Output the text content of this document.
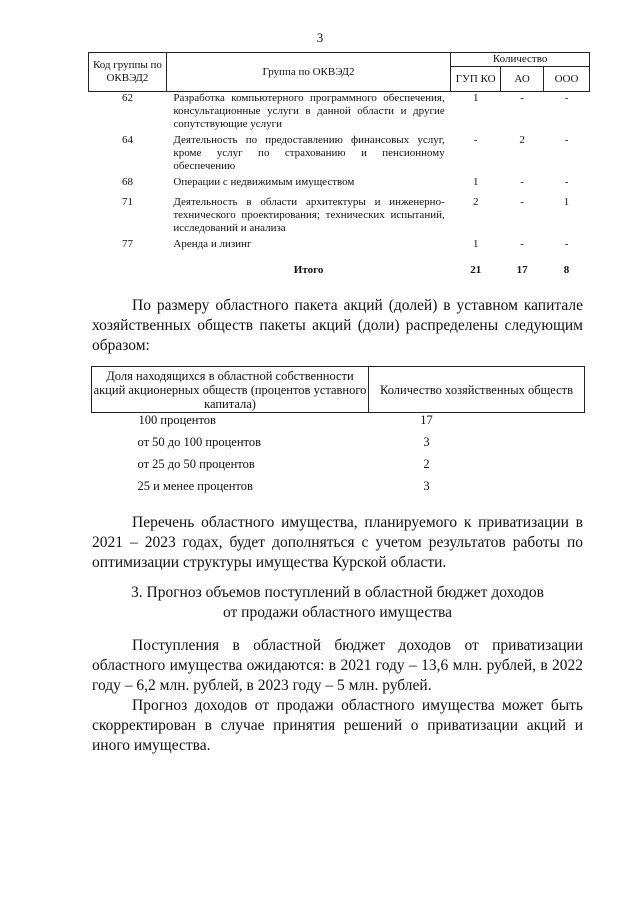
3
Код группы по ОКВЭД2	Группа по ОКВЭД2	Количество		
		ГУП КО	АО	ООО
62	Разработка компьютерного программного обеспечения, консультационные услуги в данной области и другие сопутствующие услуги	1	-	-
64	Деятельность по предоставлению финансовых услуг, кроме услуг по страхованию и пенсионному обеспечению	-	2	-
68	Операции с недвижимым имуществом	1	-	-
71	Деятельность в области архитектуры и инженерно-технического проектирования; технических испытаний, исследований и анализа	2	-	1
77	Аренда и лизинг	1	-	-
	Итого	21	17	8

По размеру областного пакета акций (долей) в уставном капитале хозяйственных обществ пакеты акций (доли) распределены следующим образом:

Доля находящихся в областной собственности акций акционерных обществ (процентов уставного капитала)	Количество хозяйственных обществ
100 процентов	17
от 50 до 100 процентов	3
от 25 до 50 процентов	2
25 и менее процентов	3

Перечень областного имущества, планируемого к приватизации в 2021 – 2023 годах, будет дополняться с учетом результатов работы по оптимизации структуры имущества Курской области.

3. Прогноз объемов поступлений в областной бюджет доходов
от продажи областного имущества

Поступления в областной бюджет доходов от приватизации областного имущества ожидаются: в 2021 году – 13,6 млн. рублей, в 2022 году – 6,2 млн. рублей, в 2023 году – 5 млн. рублей.

Прогноз доходов от продажи областного имущества может быть скорректирован в случае принятия решений о приватизации акций и иного имущества.
